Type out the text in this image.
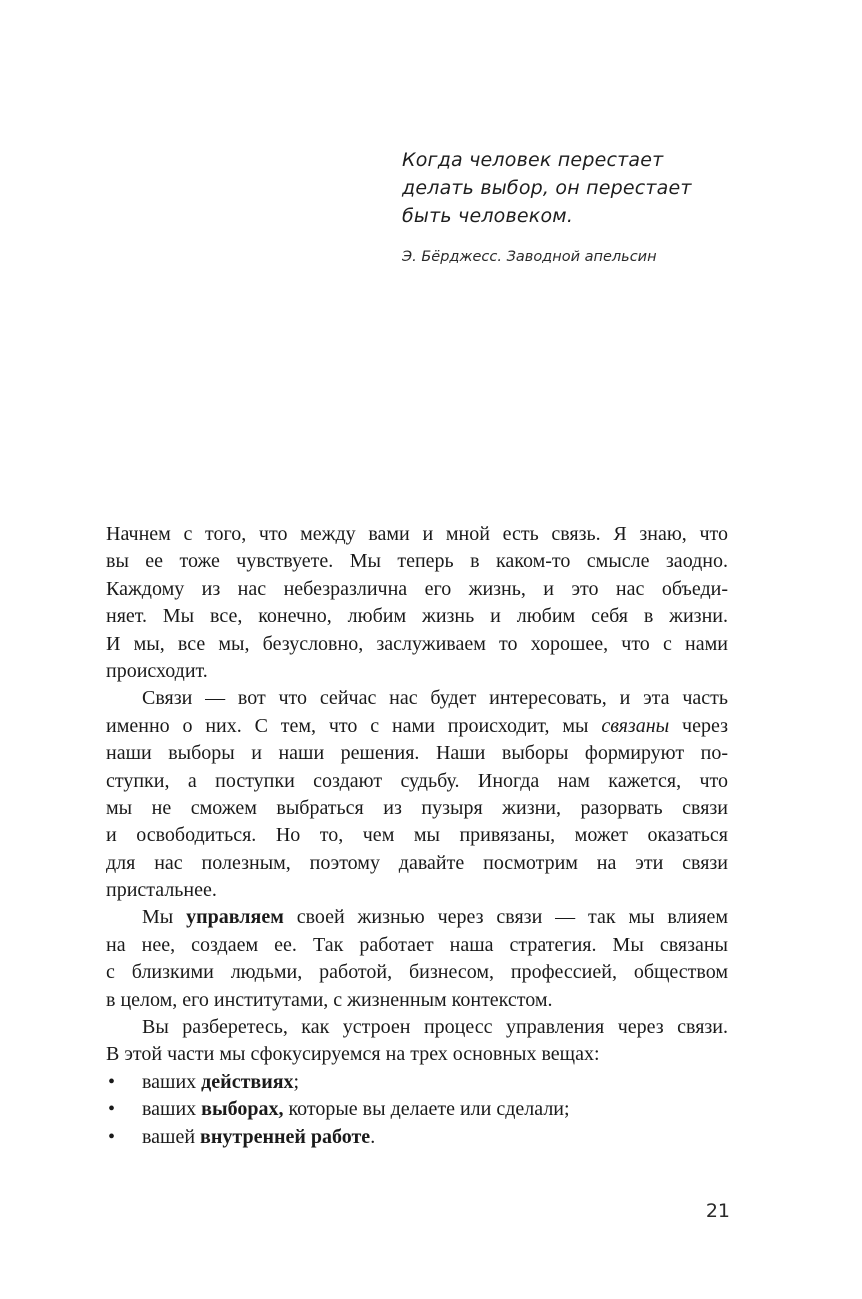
Когда человек перестает
делать выбор, он перестает
быть человеком.

Э. Бёрджесс. Заводной апельсин

Начнем с того, что между вами и мной есть связь. Я знаю, что
вы ее тоже чувствуете. Мы теперь в каком-то смысле заодно.
Каждому из нас небезразлична его жизнь, и это нас объеди-
няет. Мы все, конечно, любим жизнь и любим себя в жизни.
И мы, все мы, безусловно, заслуживаем то хорошее, что с нами
происходит.
Связи — вот что сейчас нас будет интересовать, и эта часть
именно о них. С тем, что с нами происходит, мы связаны через
наши выборы и наши решения. Наши выборы формируют по-
ступки, а поступки создают судьбу. Иногда нам кажется, что
мы не сможем выбраться из пузыря жизни, разорвать связи
и освободиться. Но то, чем мы привязаны, может оказаться
для нас полезным, поэтому давайте посмотрим на эти связи
пристальнее.
Мы управляем своей жизнью через связи — так мы влияем
на нее, создаем ее. Так работает наша стратегия. Мы связаны
с близкими людьми, работой, бизнесом, профессией, обществом
в целом, его институтами, с жизненным контекстом.
Вы разберетесь, как устроен процесс управления через связи.
В этой части мы сфокусируемся на трех основных вещах:
• ваших действиях;
• ваших выборах, которые вы делаете или сделали;
• вашей внутренней работе.
21
